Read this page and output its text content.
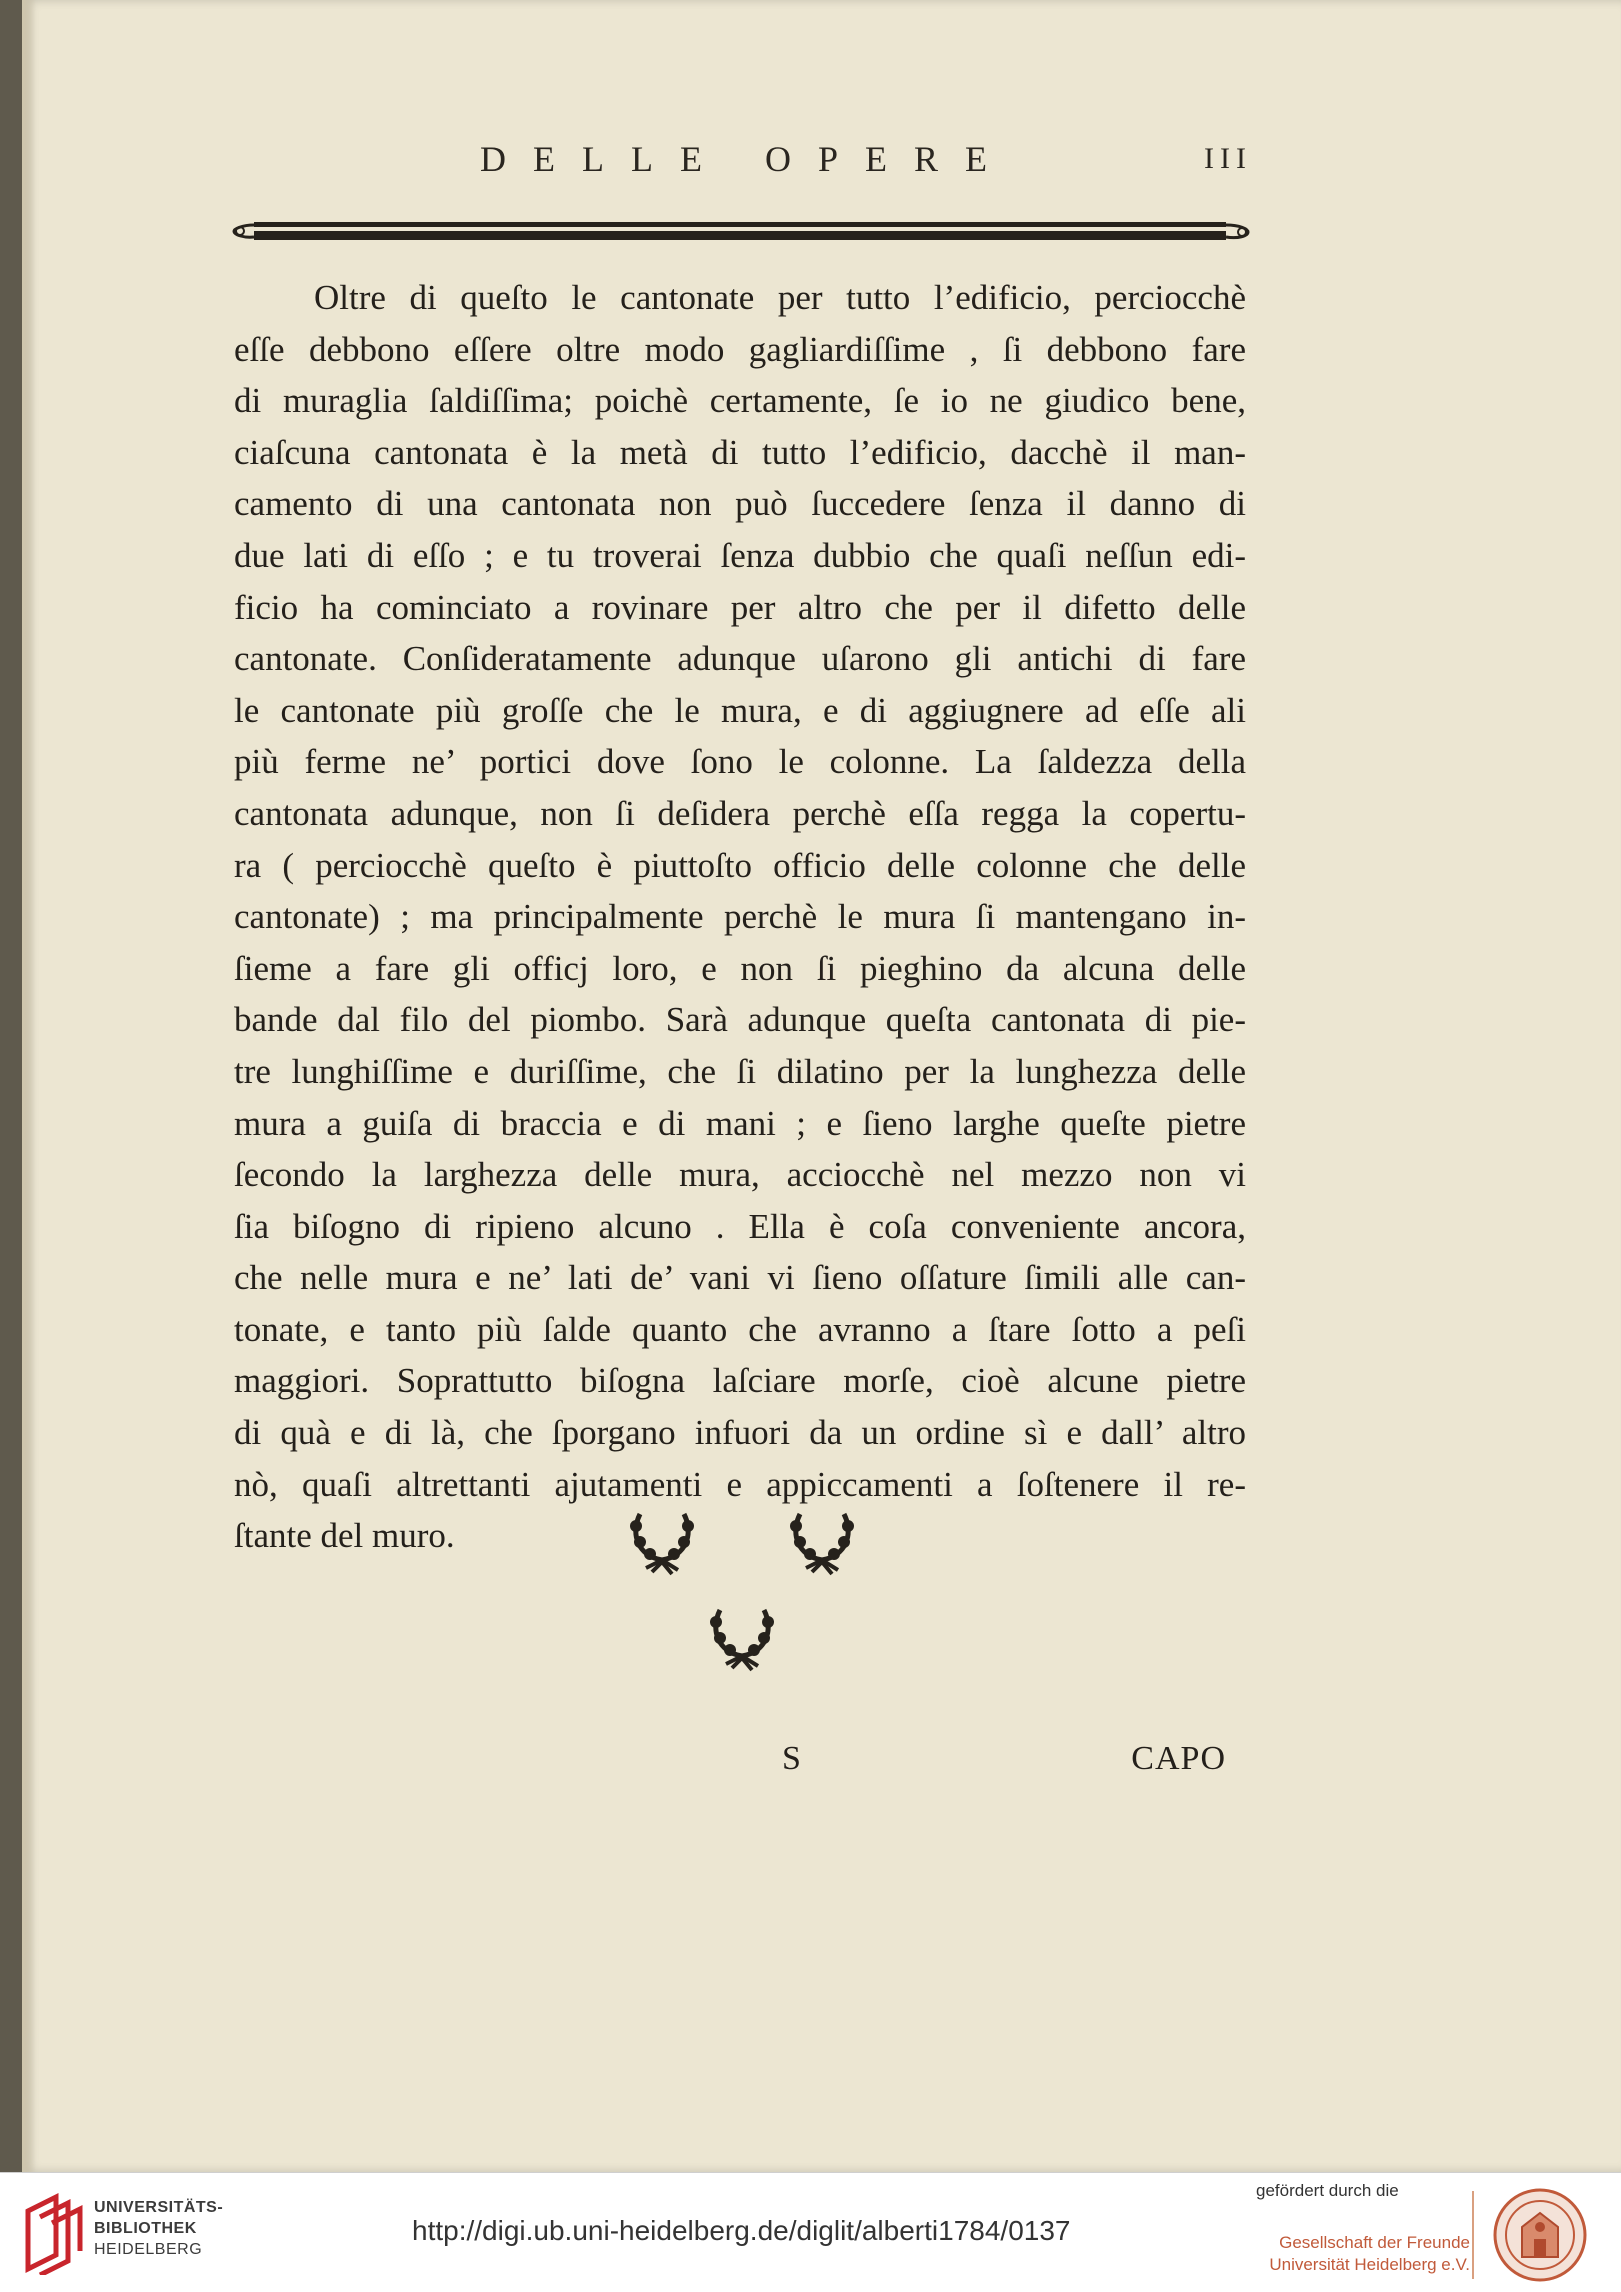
DELLE OPERE	III
Oltre di queſto le cantonate per tutto l’edificio, perciocchè
eſſe debbono eſſere oltre modo gagliardiſſime , ſi debbono fare
di muraglia ſaldiſſima; poichè certamente, ſe io ne giudico bene,
ciaſcuna cantonata è la metà di tutto l’edificio, dacchè il man-
camento di una cantonata non può ſuccedere ſenza il danno di
due lati di eſſo ; e tu troverai ſenza dubbio che quaſi neſſun edi-
ficio ha cominciato a rovinare per altro che per il difetto delle
cantonate. Conſideratamente adunque uſarono gli antichi di fare
le cantonate più groſſe che le mura, e di aggiugnere ad eſſe ali
più ferme ne’ portici dove ſono le colonne. La ſaldezza della
cantonata adunque, non ſi deſidera perchè eſſa regga la copertu-
ra ( perciocchè queſto è piuttoſto officio delle colonne che delle
cantonate) ; ma principalmente perchè le mura ſi mantengano in-
ſieme a fare gli officj loro, e non ſi pieghino da alcuna delle
bande dal filo del piombo. Sarà adunque queſta cantonata di pie-
tre lunghiſſime e duriſſime, che ſi dilatino per la lunghezza delle
mura a guiſa di braccia e di mani ; e ſieno larghe queſte pietre
ſecondo la larghezza delle mura, acciocchè nel mezzo non vi
ſia biſogno di ripieno alcuno . Ella è coſa conveniente ancora,
che nelle mura e ne’ lati de’ vani vi ſieno oſſature ſimili alle can-
tonate, e tanto più ſalde quanto che avranno a ſtare ſotto a peſi
maggiori. Soprattutto biſogna laſciare morſe, cioè alcune pietre
di quà e di là, che ſporgano infuori da un ordine sì e dall’ altro
nò, quaſi altrettanti ajutamenti e appiccamenti a ſoſtenere il re-
ſtante del muro.
S	CAPO
UNIVERSITÄTS-
BIBLIOTHEK
HEIDELBERG
http://digi.ub.uni-heidelberg.de/diglit/alberti1784/0137
gefördert durch die
Gesellschaft der Freunde
Universität Heidelberg e.V.
